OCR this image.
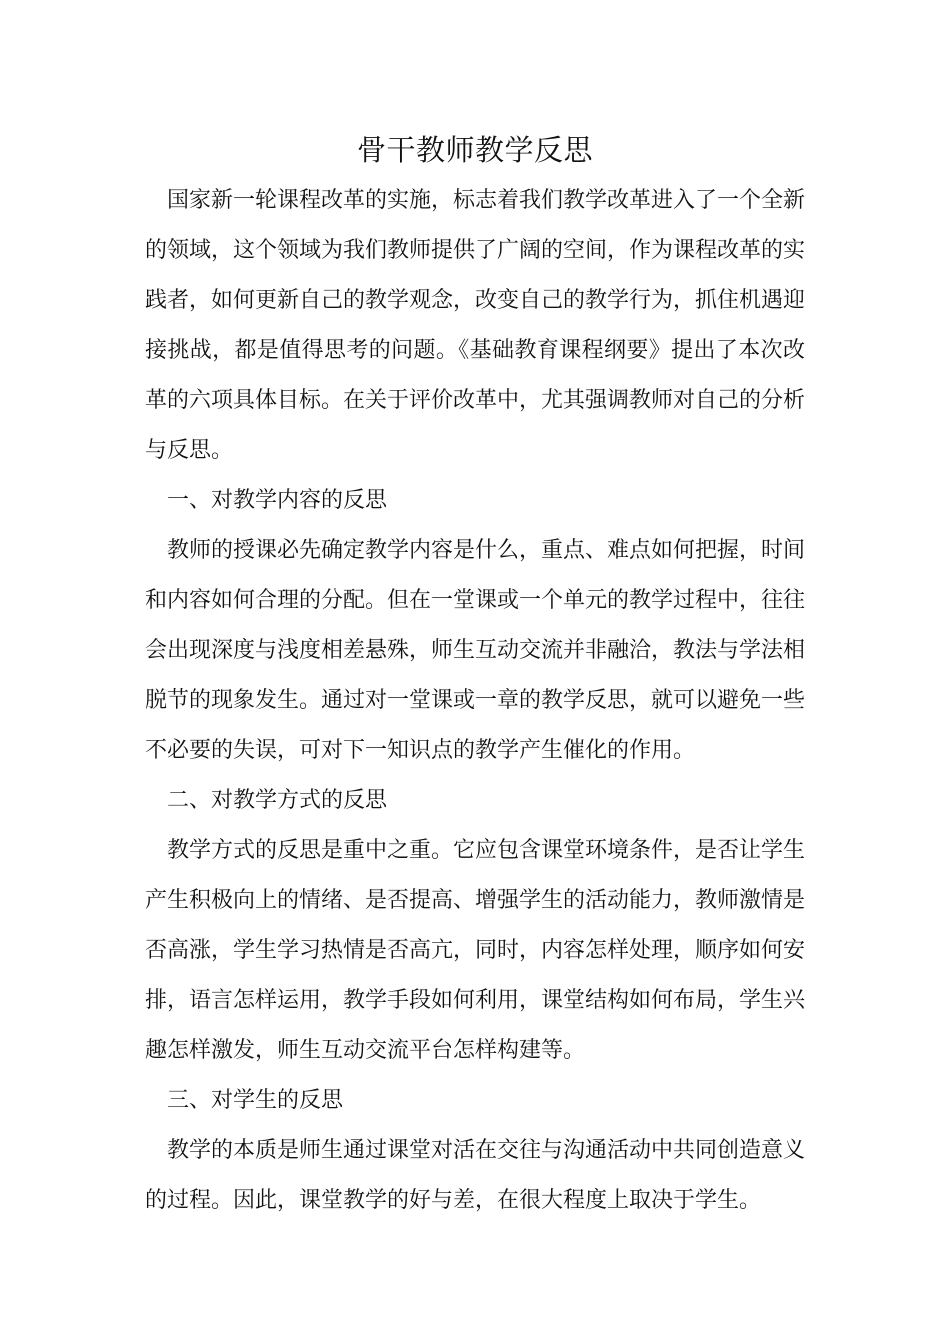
骨干教师教学反思

国家新一轮课程改革的实施，标志着我们教学改革进入了一个全新的领域，这个领域为我们教师提供了广阔的空间，作为课程改革的实践者，如何更新自己的教学观念，改变自己的教学行为，抓住机遇迎接挑战，都是值得思考的问题。《基础教育课程纲要》提出了本次改革的六项具体目标。在关于评价改革中，尤其强调教师对自己的分析与反思。

一、对教学内容的反思

教师的授课必先确定教学内容是什么，重点、难点如何把握，时间和内容如何合理的分配。但在一堂课或一个单元的教学过程中，往往会出现深度与浅度相差悬殊，师生互动交流并非融洽，教法与学法相脱节的现象发生。通过对一堂课或一章的教学反思，就可以避免一些不必要的失误，可对下一知识点的教学产生催化的作用。

二、对教学方式的反思

教学方式的反思是重中之重。它应包含课堂环境条件，是否让学生产生积极向上的情绪、是否提高、增强学生的活动能力，教师激情是否高涨，学生学习热情是否高亢，同时，内容怎样处理，顺序如何安排，语言怎样运用，教学手段如何利用，课堂结构如何布局，学生兴趣怎样激发，师生互动交流平台怎样构建等。

三、对学生的反思

教学的本质是师生通过课堂对活在交往与沟通活动中共同创造意义的过程。因此，课堂教学的好与差，在很大程度上取决于学生。
